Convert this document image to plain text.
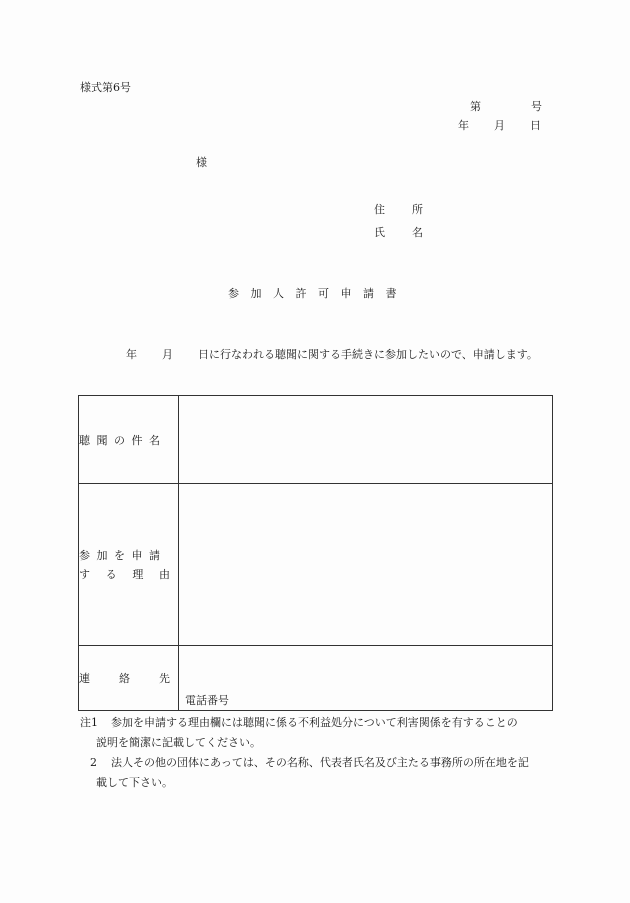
様式第6号
第	号
年 月 日
様
住　所
氏　名
参加人許可申請書
年 月 日に行なわれる聴聞に関する手続きに参加したいので、申請します。
聴聞の件名	

参加を申請
す る 理 由	

連 絡 先	電話番号
注1	参加を申請する理由欄には聴聞に係る不利益処分について利害関係を有することの
説明を簡潔に記載してください。
2	法人その他の団体にあっては、その名称、代表者氏名及び主たる事務所の所在地を記
載して下さい。
